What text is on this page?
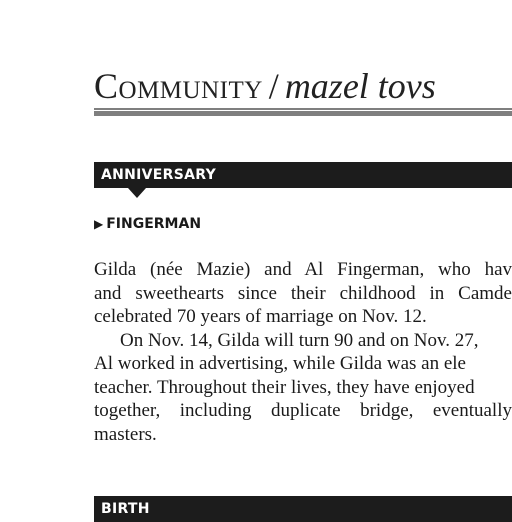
Community / mazel tovs
ANNIVERSARY
▶ FINGERMAN
Gilda (née Mazie) and Al Fingerman, who hav
and sweethearts since their childhood in Camde
celebrated 70 years of marriage on Nov. 12.
On Nov. 14, Gilda will turn 90 and on Nov. 27,
Al worked in advertising, while Gilda was an ele
teacher. Throughout their lives, they have enjoyed
together, including duplicate bridge, eventually
masters.
BIRTH
